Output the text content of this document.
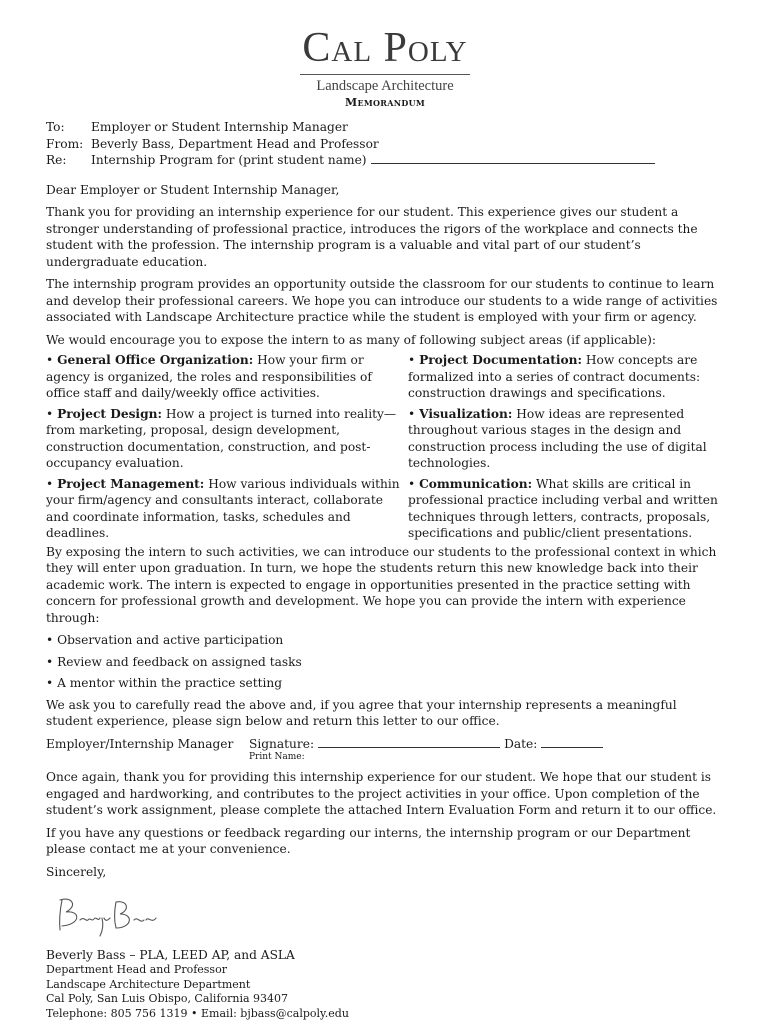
Cal Poly
Landscape Architecture
Memorandum
To:	Employer or Student Internship Manager
From: Beverly Bass, Department Head and Professor
Re:	Internship Program for (print student name)

Dear Employer or Student Internship Manager,

Thank you for providing an internship experience for our student. This experience gives our student a stronger understanding of professional practice, introduces the rigors of the workplace and connects the student with the profession. The internship program is a valuable and vital part of our student’s undergraduate education.

The internship program provides an opportunity outside the classroom for our students to continue to learn and develop their professional careers. We hope you can introduce our students to a wide range of activities associated with Landscape Architecture practice while the student is employed with your firm or agency.

We would encourage you to expose the intern to as many of following subject areas (if applicable):

• General Office Organization: How your firm or agency is organized, the roles and responsibilities of office staff and daily/weekly office activities.
• Project Documentation: How concepts are formalized into a series of contract documents: construction drawings and specifications.
• Project Design: How a project is turned into reality—from marketing, proposal, design development, construction documentation, construction, and post-occupancy evaluation.
• Visualization: How ideas are represented throughout various stages in the design and construction process including the use of digital technologies.
• Project Management: How various individuals within your firm/agency and consultants interact, collaborate and coordinate information, tasks, schedules and deadlines.
• Communication: What skills are critical in professional practice including verbal and written techniques through letters, contracts, proposals, specifications and public/client presentations.

By exposing the intern to such activities, we can introduce our students to the professional context in which they will enter upon graduation. In turn, we hope the students return this new knowledge back into their academic work. The intern is expected to engage in opportunities presented in the practice setting with concern for professional growth and development. We hope you can provide the intern with experience through:

• Observation and active participation
• Review and feedback on assigned tasks
• A mentor within the practice setting

We ask you to carefully read the above and, if you agree that your internship represents a meaningful student experience, please sign below and return this letter to our office.

Employer/Internship Manager	Signature:	Date:
Print Name:

Once again, thank you for providing this internship experience for our student. We hope that our student is engaged and hardworking, and contributes to the project activities in your office. Upon completion of the student’s work assignment, please complete the attached Intern Evaluation Form and return it to our office.

If you have any questions or feedback regarding our interns, the internship program or our Department please contact me at your convenience.

Sincerely,

Beverly Bass – PLA, LEED AP, and ASLA
Department Head and Professor
Landscape Architecture Department
Cal Poly, San Luis Obispo, California 93407
Telephone: 805 756 1319 • Email: bjbass@calpoly.edu
